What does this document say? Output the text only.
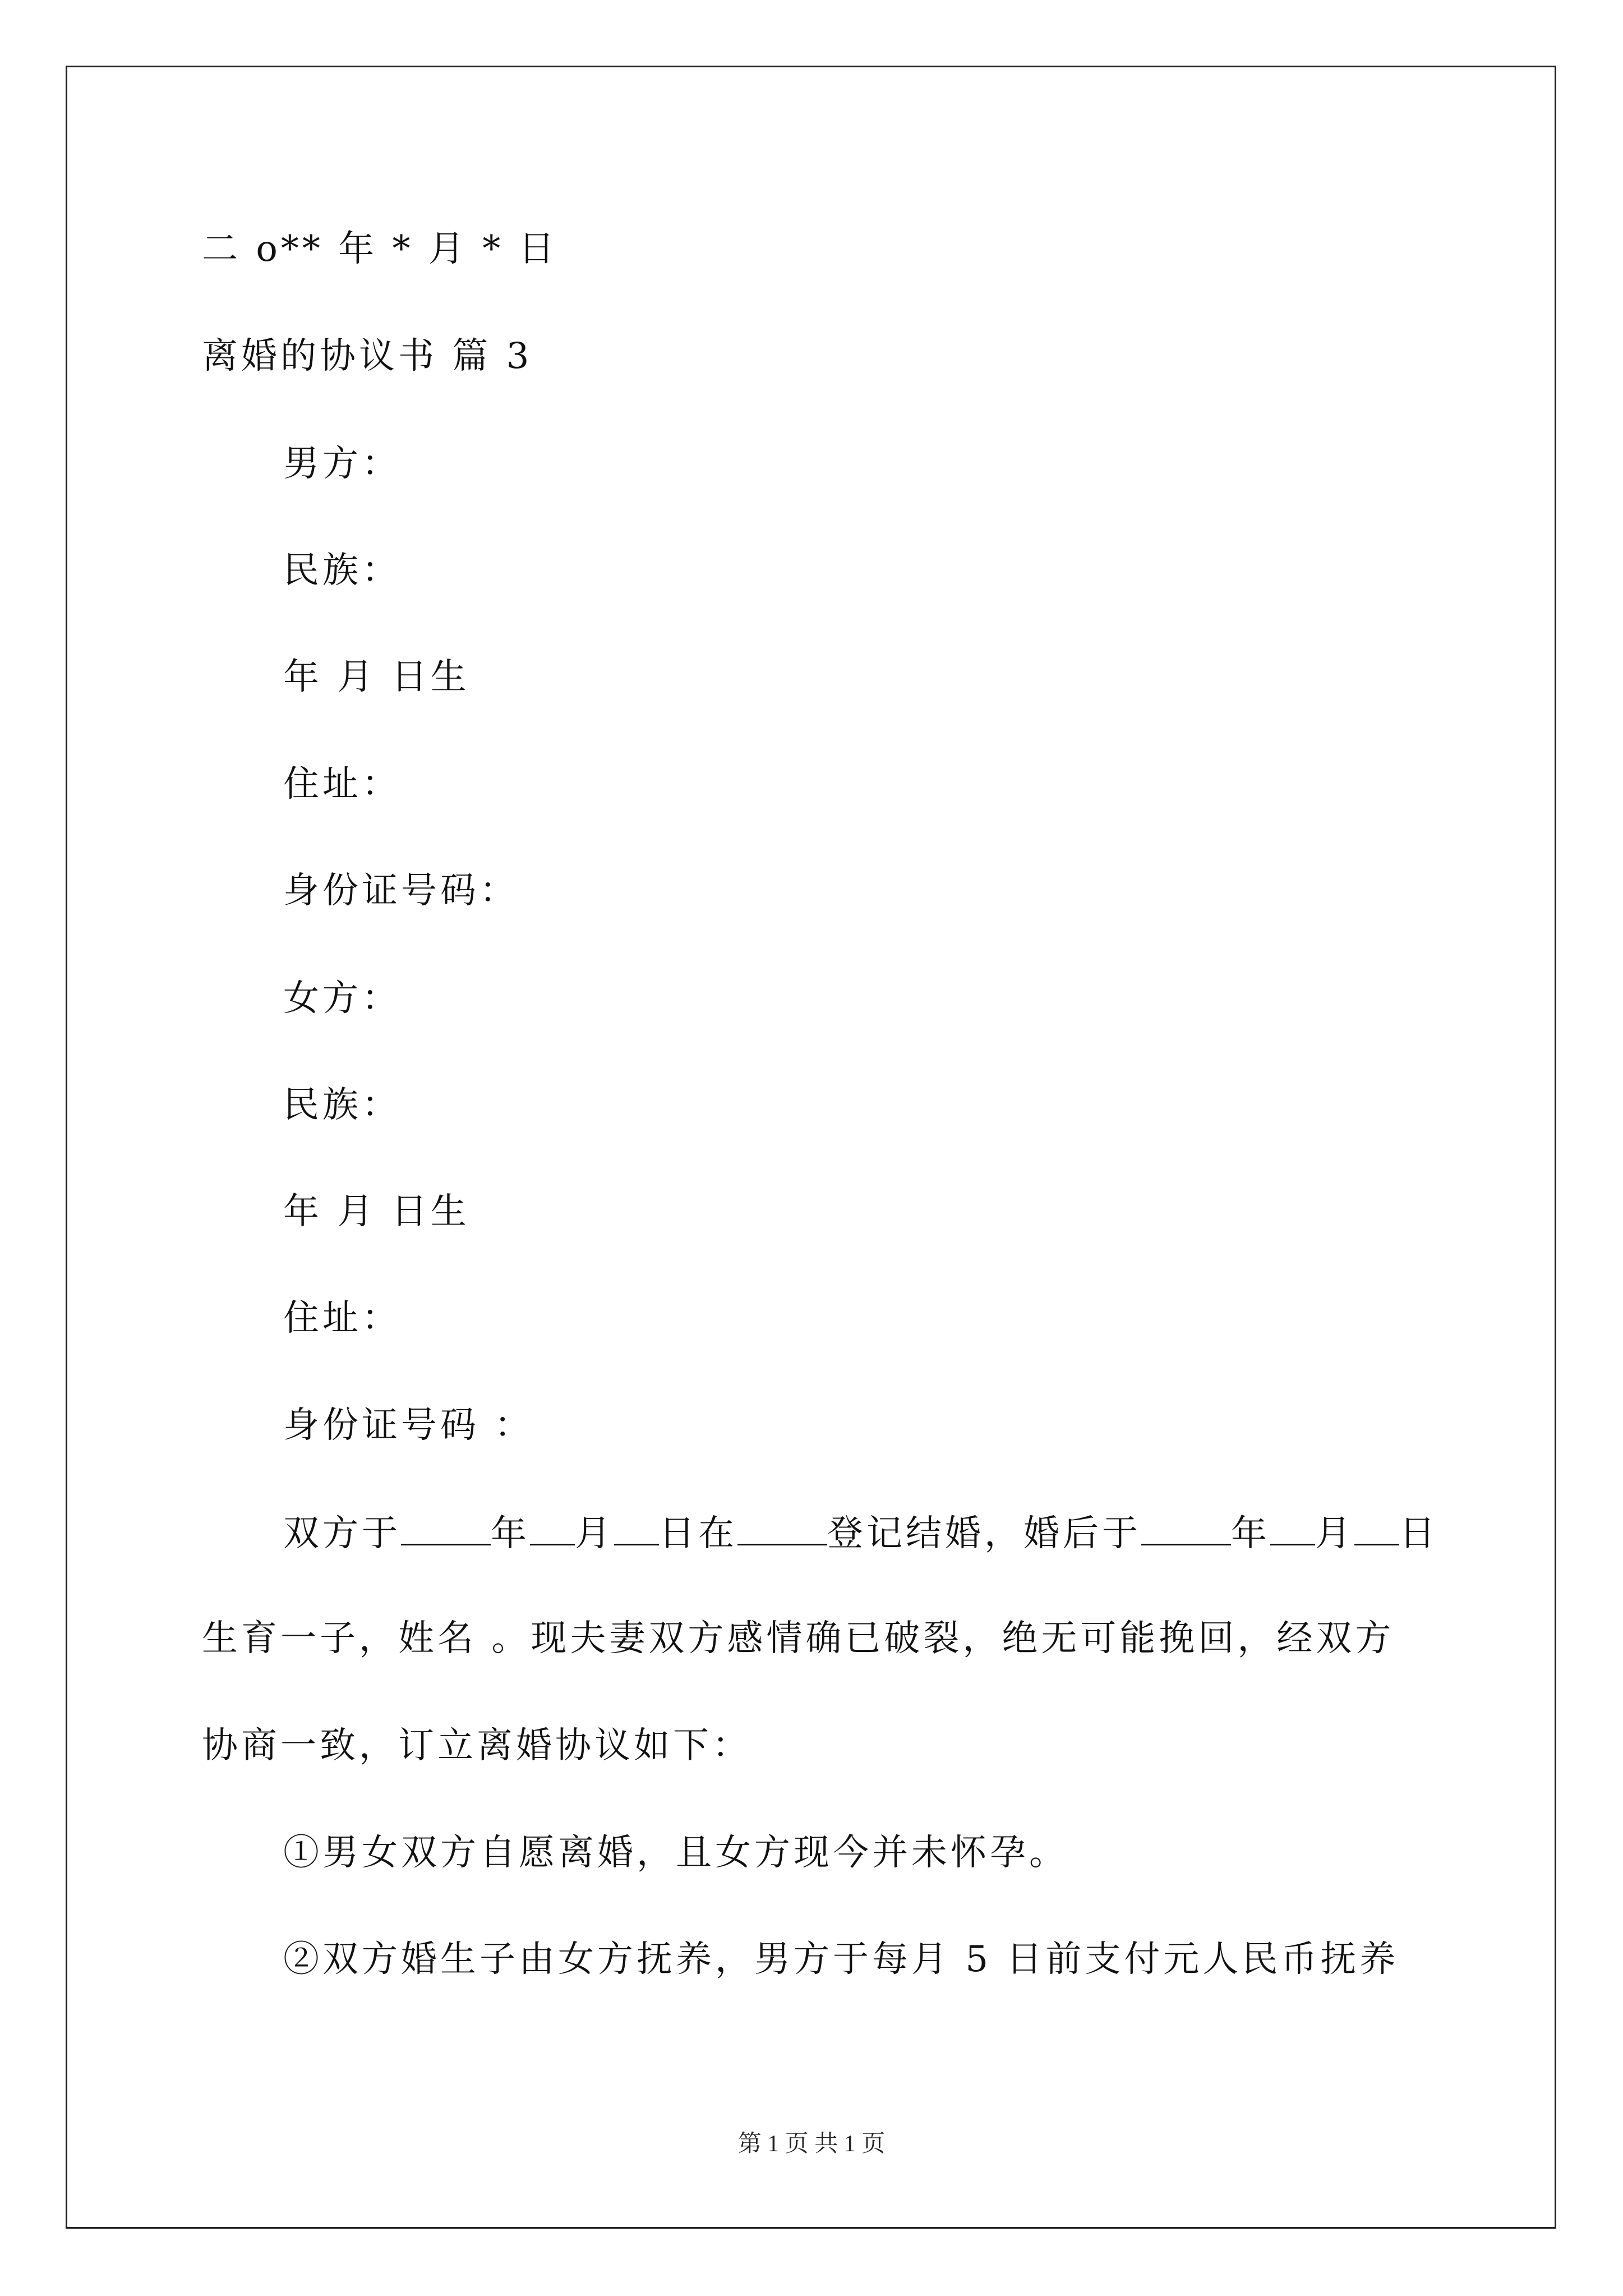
二 o** 年 * 月 * 日
离婚的协议书 篇 3
男方：
民族：
年 月 日生
住址：
身份证号码：
女方：
民族：
年 月 日生
住址：
身份证号码 ：
双方于	年 月 日在	登记结婚，婚后于	年 月 日
生育一子，姓名 。现夫妻双方感情确已破裂，绝无可能挽回，经双方
协商一致，订立离婚协议如下：
①男女双方自愿离婚，且女方现今并未怀孕。
②双方婚生子由女方抚养，男方于每月 5 日前支付元人民币抚养
第 1 页 共 1 页
